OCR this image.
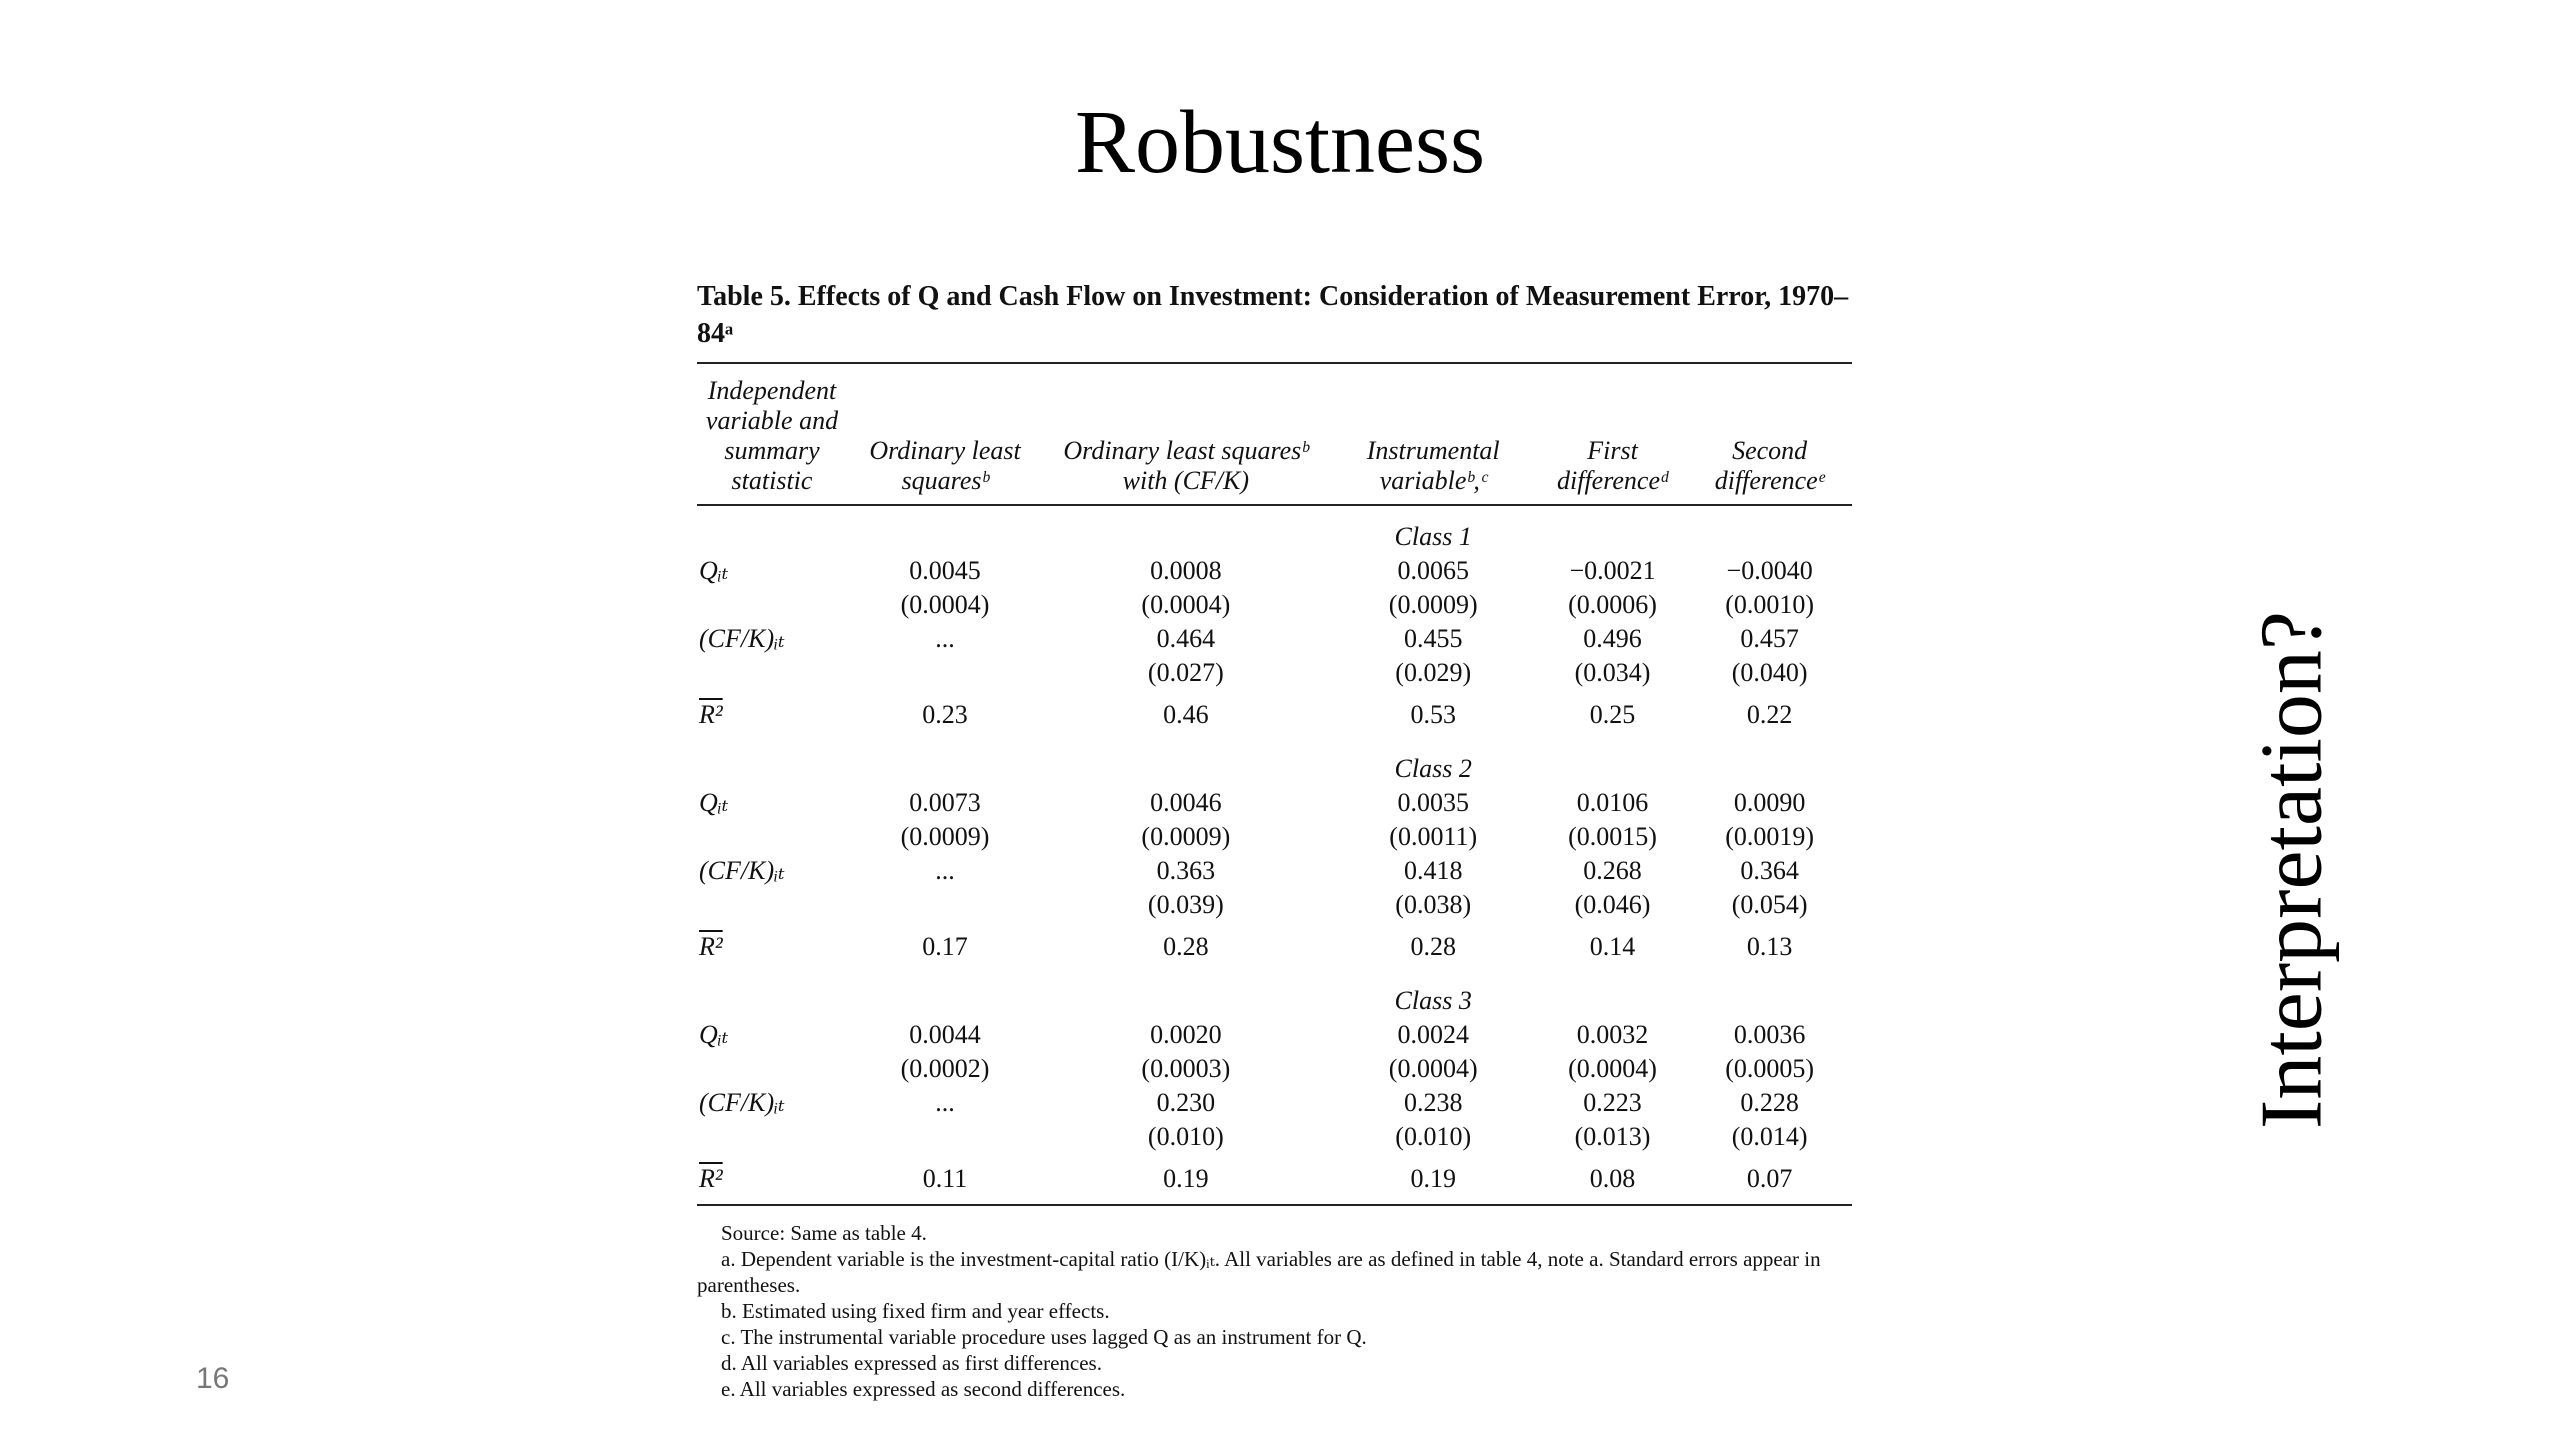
Robustness
Table 5. Effects of Q and Cash Flow on Investment: Consideration of Measurement Error, 1970–84ᵃ
Independent variable and summary statistic	Ordinary least squaresᵇ	Ordinary least squaresᵇ with (CF/K)	Instrumental variableᵇ,ᶜ	First differenceᵈ	Second differenceᵉ
			Class 1		
Qᵢₜ	0.0045	0.0008	0.0065	−0.0021	−0.0040
	(0.0004)	(0.0004)	(0.0009)	(0.0006)	(0.0010)
(CF/K)ᵢₜ	...	0.464	0.455	0.496	0.457
		(0.027)	(0.029)	(0.034)	(0.040)
R²	0.23	0.46	0.53	0.25	0.22
			Class 2		
Qᵢₜ	0.0073	0.0046	0.0035	0.0106	0.0090
	(0.0009)	(0.0009)	(0.0011)	(0.0015)	(0.0019)
(CF/K)ᵢₜ	...	0.363	0.418	0.268	0.364
		(0.039)	(0.038)	(0.046)	(0.054)
R²	0.17	0.28	0.28	0.14	0.13
			Class 3		
Qᵢₜ	0.0044	0.0020	0.0024	0.0032	0.0036
	(0.0002)	(0.0003)	(0.0004)	(0.0004)	(0.0005)
(CF/K)ᵢₜ	...	0.230	0.238	0.223	0.228
		(0.010)	(0.010)	(0.013)	(0.014)
R²	0.11	0.19	0.19	0.08	0.07

Source: Same as table 4.

a. Dependent variable is the investment-capital ratio (I/K)ᵢₜ. All variables are as defined in table 4, note a. Standard errors appear in parentheses.

b. Estimated using fixed firm and year effects.

c. The instrumental variable procedure uses lagged Q as an instrument for Q.

d. All variables expressed as first differences.

e. All variables expressed as second differences.

Interpretation?
16
